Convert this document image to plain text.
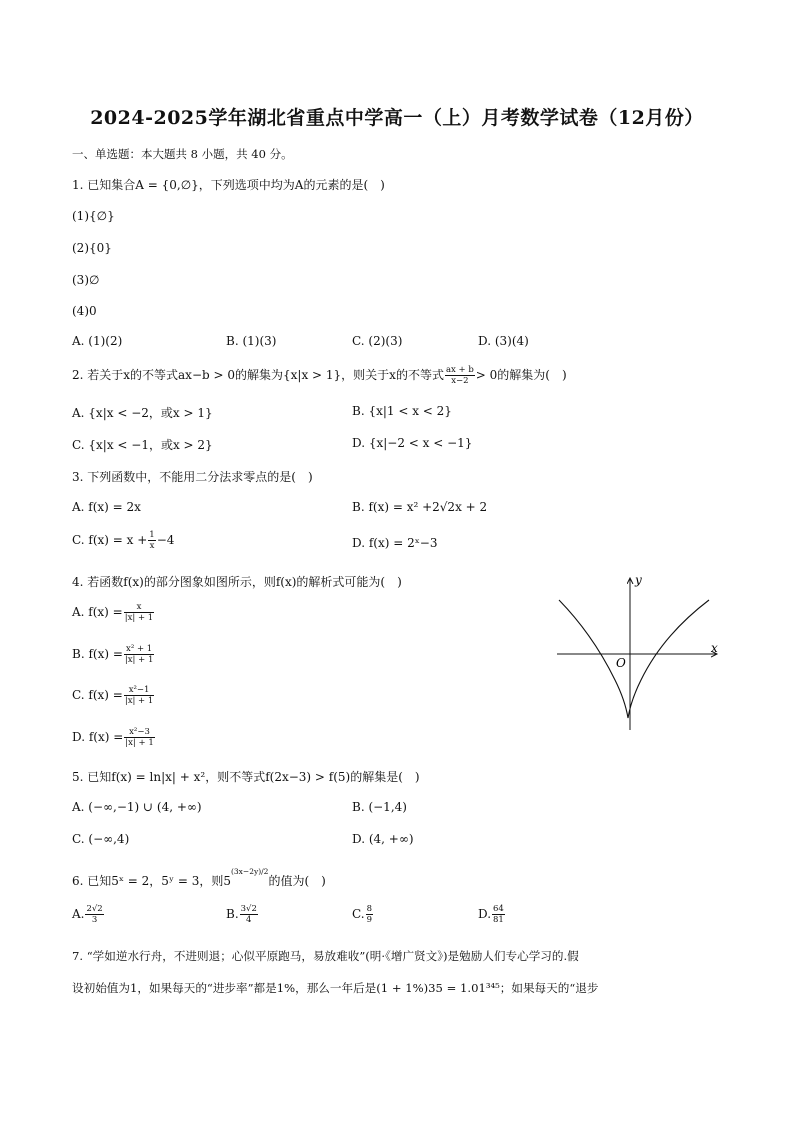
2024-2025学年湖北省重点中学高一（上）月考数学试卷（12月份）
一、单选题：本大题共 8 小题，共 40 分。
1. 已知集合A = {0,∅}，下列选项中均为A的元素的是(　)
(1){∅}
(2){0}
(3)∅
(4)0
A. (1)(2)	B. (1)(3)	C. (2)(3)	D. (3)(4)
2. 若关于x的不等式ax−b > 0的解集为{x|x > 1}，则关于x的不等式 $\frac{ax + b}{x-2} > 0$的解集为(　)
A. {x|x < −2，或x > 1}	B. {x|1 < x < 2}
C. {x|x < −1，或x > 2}	D. {x|−2 < x < −1}
3. 下列函数中，不能用二分法求零点的是(　)
A. f(x) = 2x	B. f(x) = x² +2√2x + 2
C. $f(x) = x + \frac{1}{x} -4$	D. f(x) = 2ˣ−3
4. 若函数f(x)的部分图象如图所示，则f(x)的解析式可能为(　)
A. $f(x) = \frac{x}{|x| + 1}$
B. $f(x) = \frac{\text{x² + 1}}{|x| + 1}$
C. $f(x) = \frac{\text{x²−1}}{|x| + 1}$
D. $f(x) = \frac{\text{x²−3}}{|x| + 1}$
y
x
O
5. 已知f(x) = ln|x| + x²，则不等式f(2x−3) > f(5)的解集是(　)
A. (−∞,−1) ∪ (4, +∞)	B. (−1,4)
C. (−∞,4)	D. (4, +∞)
6. 已知5ˣ = 2，5ʸ = 3，则$5^{(3x-2y)/2}$的值为(　)
A. $\frac{2√2}{3}$	B. $\frac{3√2}{4}$	C. $\frac{8}{9}$	D. $\frac{64}{81}$
7. “学如逆水行舟，不进则退；心似平原跑马，易放难收”(明·《增广贤文》)是勉励人们专心学习的.假
设初始值为1，如果每天的“进步率”都是1%，那么一年后是(1 + 1%)35 = 1.01³⁴⁵；如果每天的“退步
